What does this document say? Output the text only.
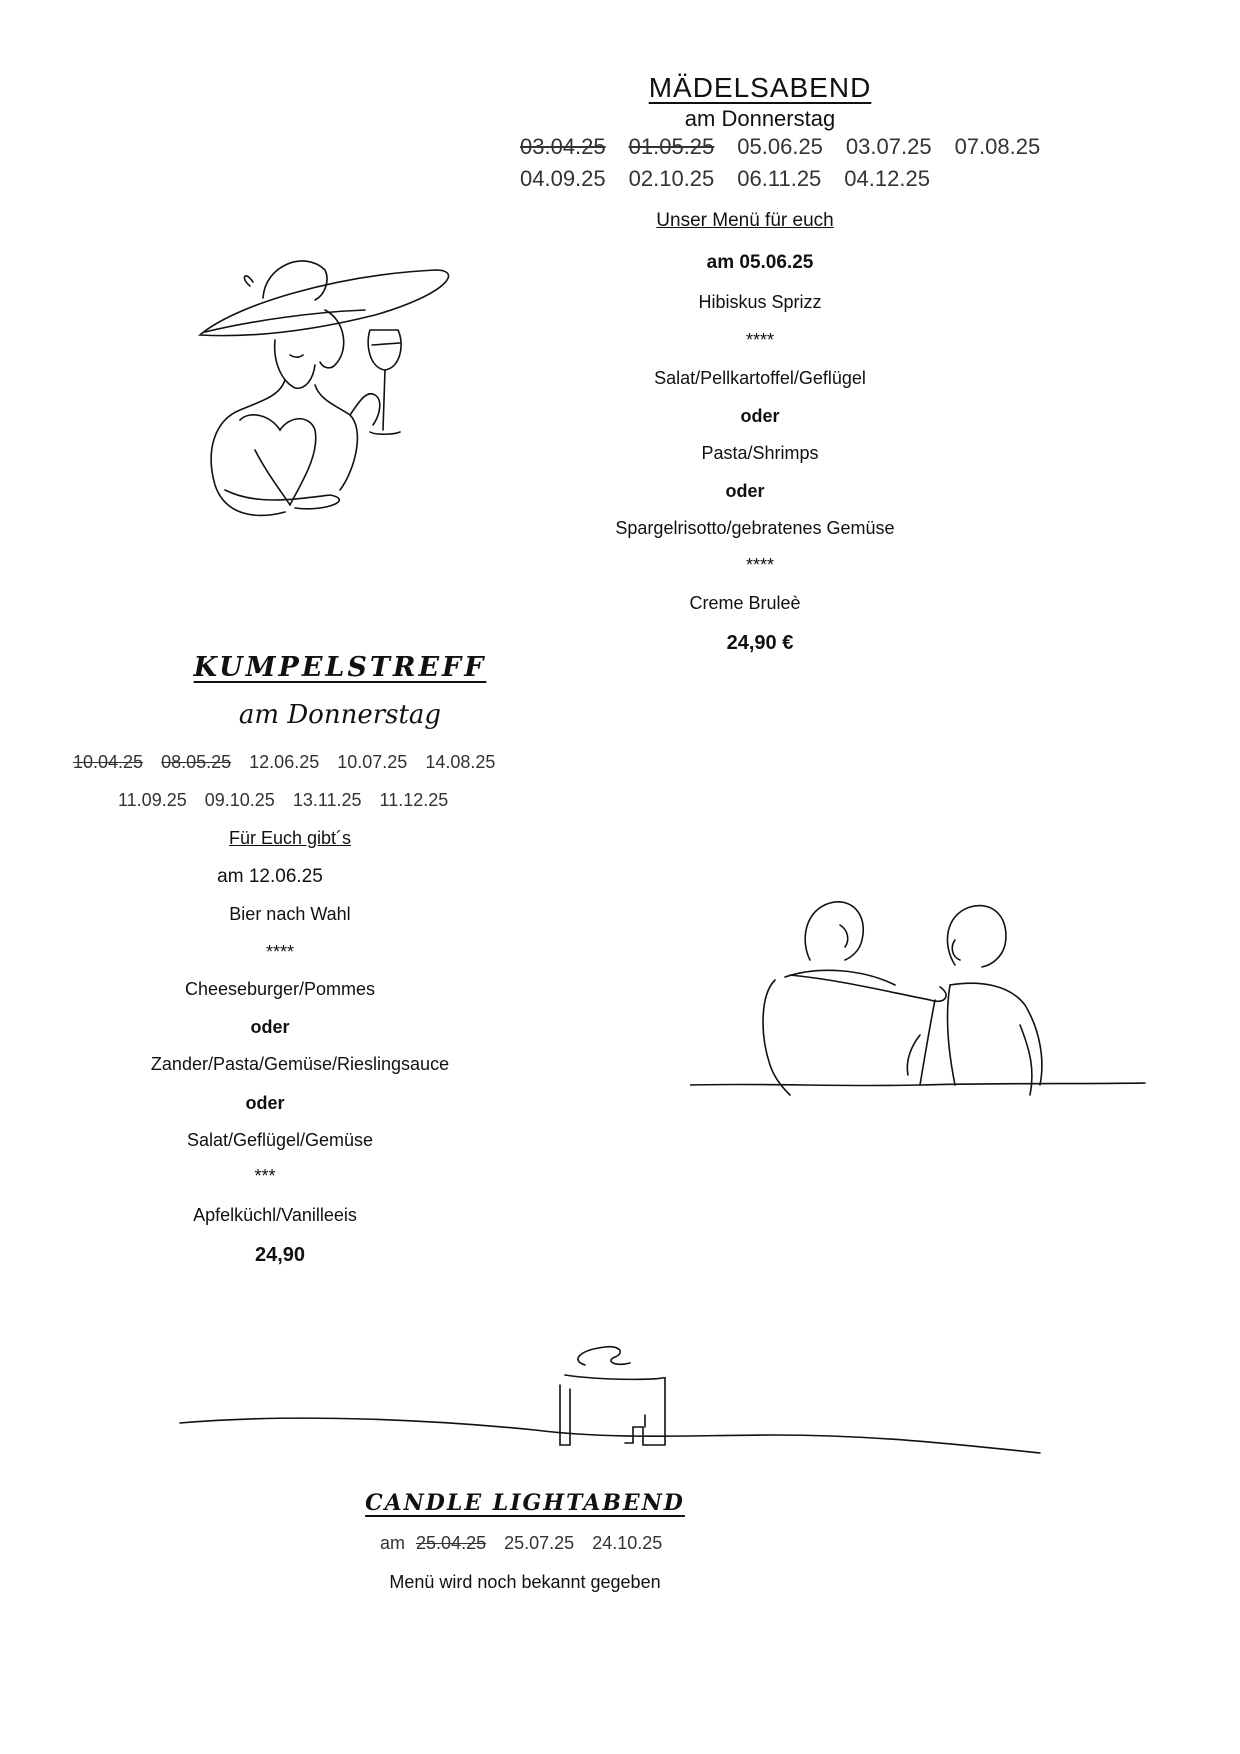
MÄDELSABEND
am Donnerstag
03.04.25 01.05.25 05.06.25 03.07.25 07.08.25
04.09.25 02.10.25 06.11.25 04.12.25
Unser Menü für euch
am 05.06.25
Hibiskus Sprizz
****
Salat/Pellkartoffel/Geflügel
oder
Pasta/Shrimps
oder
Spargelrisotto/gebratenes Gemüse
****
Creme Bruleè
24,90 €
KUMPELSTREFF
am Donnerstag
10.04.25 08.05.25 12.06.25 10.07.25 14.08.25
11.09.25 09.10.25 13.11.25 11.12.25
Für Euch gibt´s
am 12.06.25
Bier nach Wahl
****
Cheeseburger/Pommes
oder
Zander/Pasta/Gemüse/Rieslingsauce
oder
Salat/Geflügel/Gemüse
***
Apfelküchl/Vanilleeis
24,90
CANDLE LIGHTABEND
am 25.04.25 25.07.25 24.10.25
Menü wird noch bekannt gegeben
